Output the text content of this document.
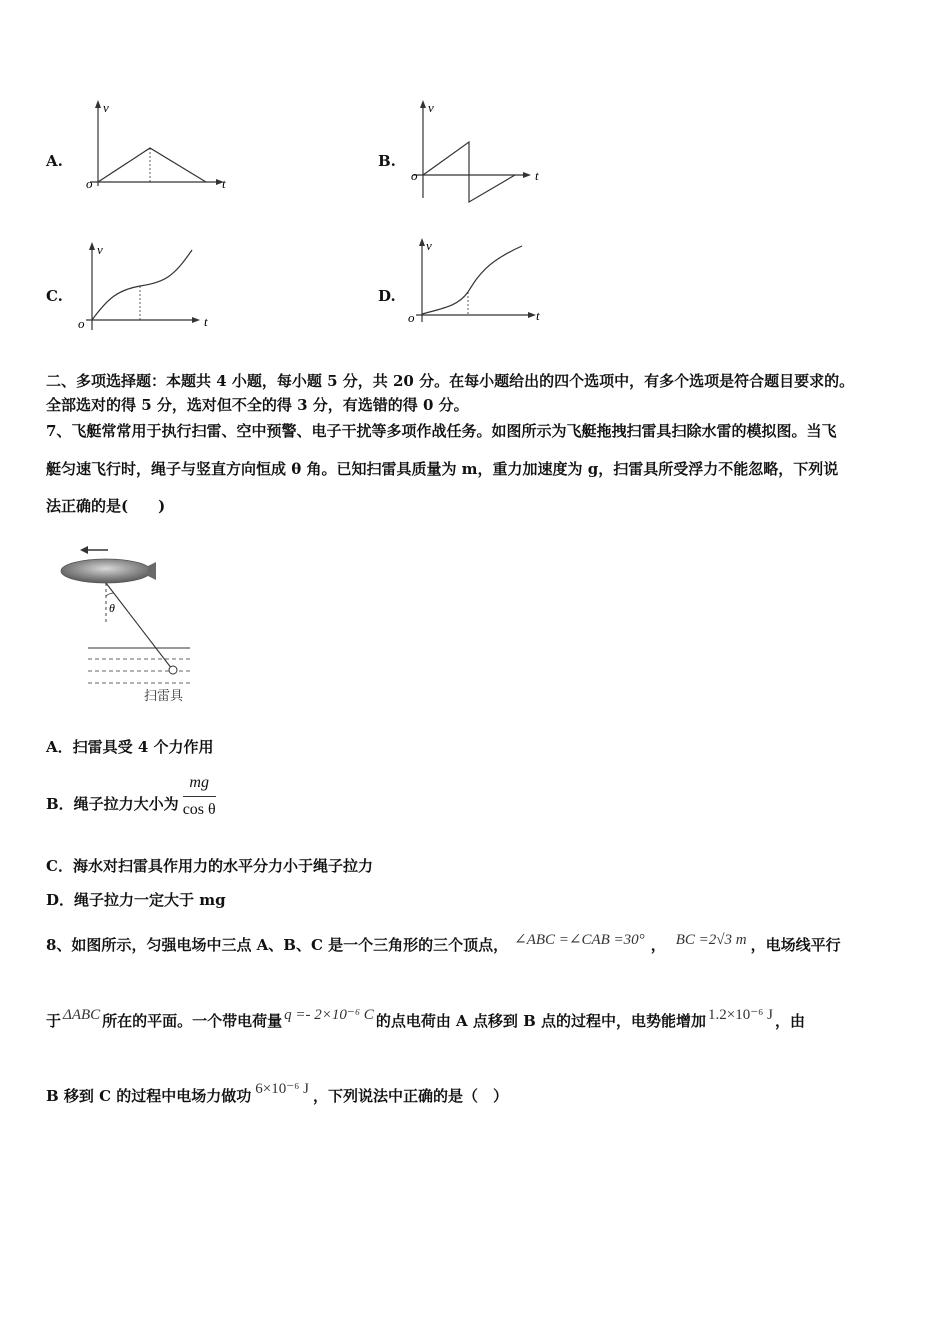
A.
v
t
o
B.
v
t
o
C.
v
t
o
D.
v
t
o
二、多项选择题：本题共 4 小题，每小题 5 分，共 20 分。在每小题给出的四个选项中，有多个选项是符合题目要求的。
全部选对的得 5 分，选对但不全的得 3 分，有选错的得 0 分。
7、飞艇常常用于执行扫雷、空中预警、电子干扰等多项作战任务。如图所示为飞艇拖拽扫雷具扫除水雷的模拟图。当飞
艇匀速飞行时，绳子与竖直方向恒成 θ 角。已知扫雷具质量为 m，重力加速度为 g，扫雷具所受浮力不能忽略，下列说
法正确的是(　　)
θ
扫雷具
A．扫雷具受 4 个力作用
B．绳子拉力大小为 $\frac{mg}{\text{cos θ}}$
C．海水对扫雷具作用力的水平分力小于绳子拉力
D．绳子拉力一定大于 mg
8、如图所示，匀强电场中三点 A、B、C 是一个三角形的三个顶点， ∠ABC =∠CAB =30° ， BC =2√3 m ，电场线平行
于 ΔABC 所在的平面。一个带电荷量 q =- 2×10⁻⁶ C 的点电荷由 A 点移到 B 点的过程中，电势能增加 1.2×10⁻⁶ J ，由
B 移到 C 的过程中电场力做功 6×10⁻⁶ J ，下列说法中正确的是（　）
